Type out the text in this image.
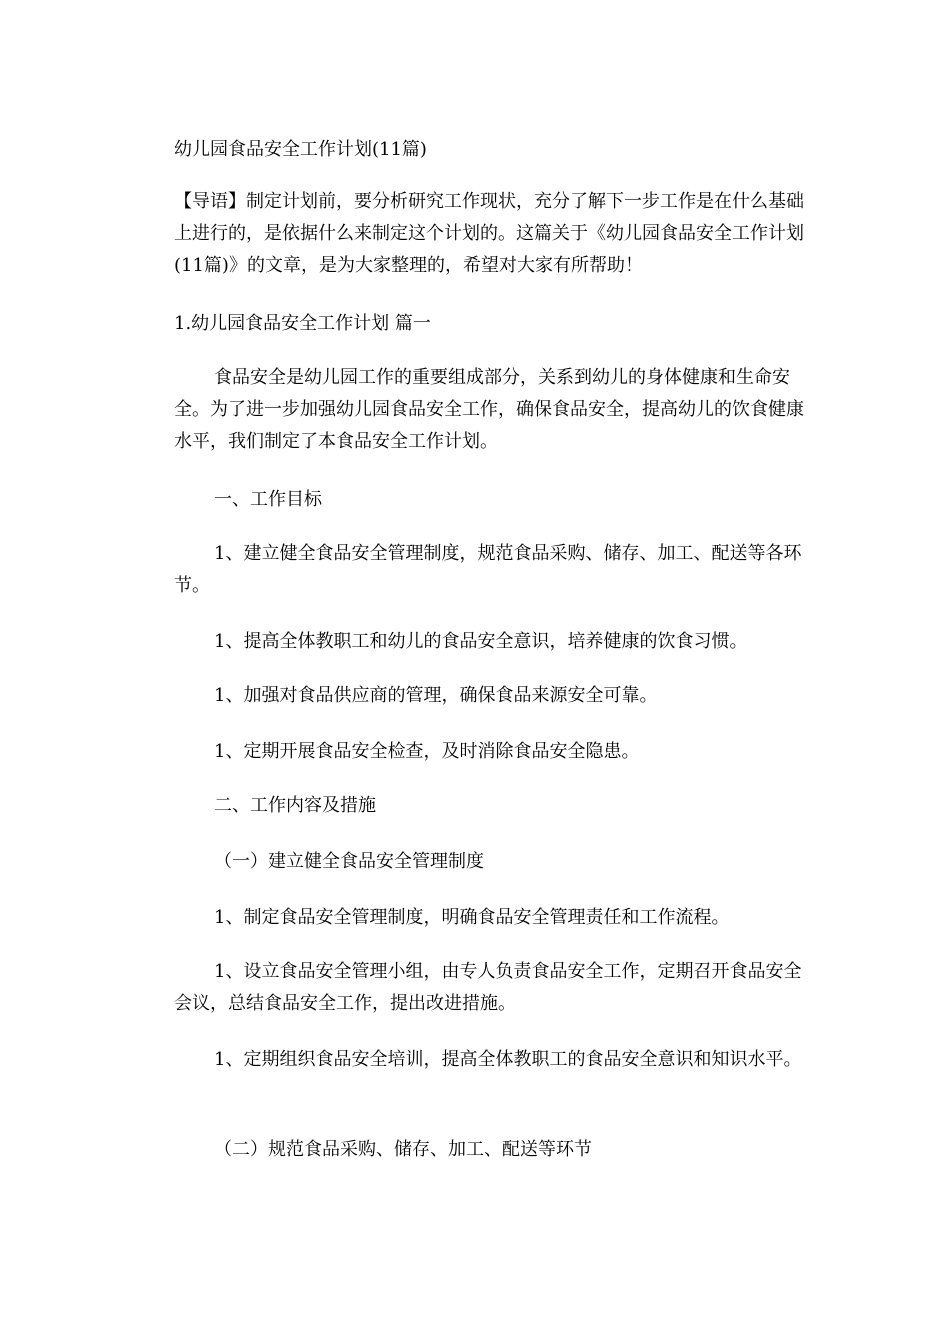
幼儿园食品安全工作计划(11篇)

【导语】制定计划前，要分析研究工作现状，充分了解下一步工作是在什么基础上进行的，是依据什么来制定这个计划的。这篇关于《幼儿园食品安全工作计划(11篇)》的文章，是为大家整理的，希望对大家有所帮助！

1.幼儿园食品安全工作计划 篇一

食品安全是幼儿园工作的重要组成部分，关系到幼儿的身体健康和生命安全。为了进一步加强幼儿园食品安全工作，确保食品安全，提高幼儿的饮食健康水平，我们制定了本食品安全工作计划。

一、工作目标

1、建立健全食品安全管理制度，规范食品采购、储存、加工、配送等各环节。

1、提高全体教职工和幼儿的食品安全意识，培养健康的饮食习惯。

1、加强对食品供应商的管理，确保食品来源安全可靠。

1、定期开展食品安全检查，及时消除食品安全隐患。

二、工作内容及措施

（一）建立健全食品安全管理制度

1、制定食品安全管理制度，明确食品安全管理责任和工作流程。

1、设立食品安全管理小组，由专人负责食品安全工作，定期召开食品安全会议，总结食品安全工作，提出改进措施。

1、定期组织食品安全培训，提高全体教职工的食品安全意识和知识水平。

（二）规范食品采购、储存、加工、配送等环节
